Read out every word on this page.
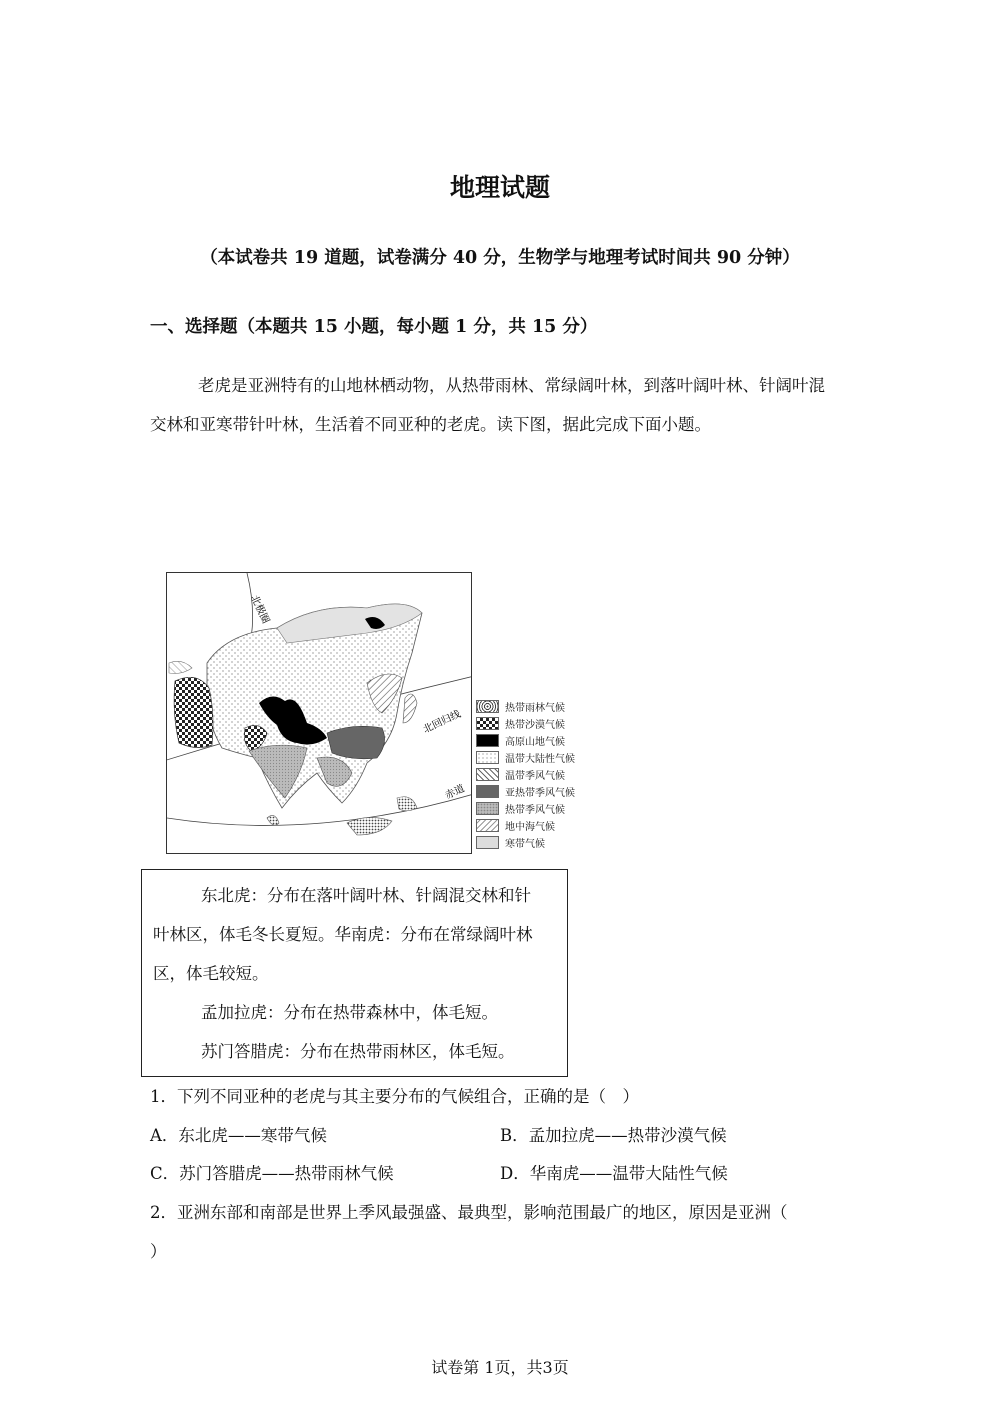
地理试题
（本试卷共 19 道题，试卷满分 40 分，生物学与地理考试时间共 90 分钟）
一、选择题（本题共 15 小题，每小题 1 分，共 15 分）
老虎是亚洲特有的山地林栖动物，从热带雨林、常绿阔叶林，到落叶阔叶林、针阔叶混交林和亚寒带针叶林，生活着不同亚种的老虎。读下图，据此完成下面小题。
北极圈
北回归线
赤道
热带雨林气候
热带沙漠气候
高原山地气候
温带大陆性气候
温带季风气候
亚热带季风气候
热带季风气候
地中海气候
寒带气候
东北虎：分布在落叶阔叶林、针阔混交林和针
叶林区，体毛冬长夏短。华南虎：分布在常绿阔叶林
区，体毛较短。
孟加拉虎：分布在热带森林中，体毛短。
苏门答腊虎：分布在热带雨林区，体毛短。
1．下列不同亚种的老虎与其主要分布的气候组合，正确的是（　）
A．东北虎——寒带气候	B．孟加拉虎——热带沙漠气候
C．苏门答腊虎——热带雨林气候	D．华南虎——温带大陆性气候
2．亚洲东部和南部是世界上季风最强盛、最典型，影响范围最广的地区，原因是亚洲（
）
试卷第 1页，共3页
